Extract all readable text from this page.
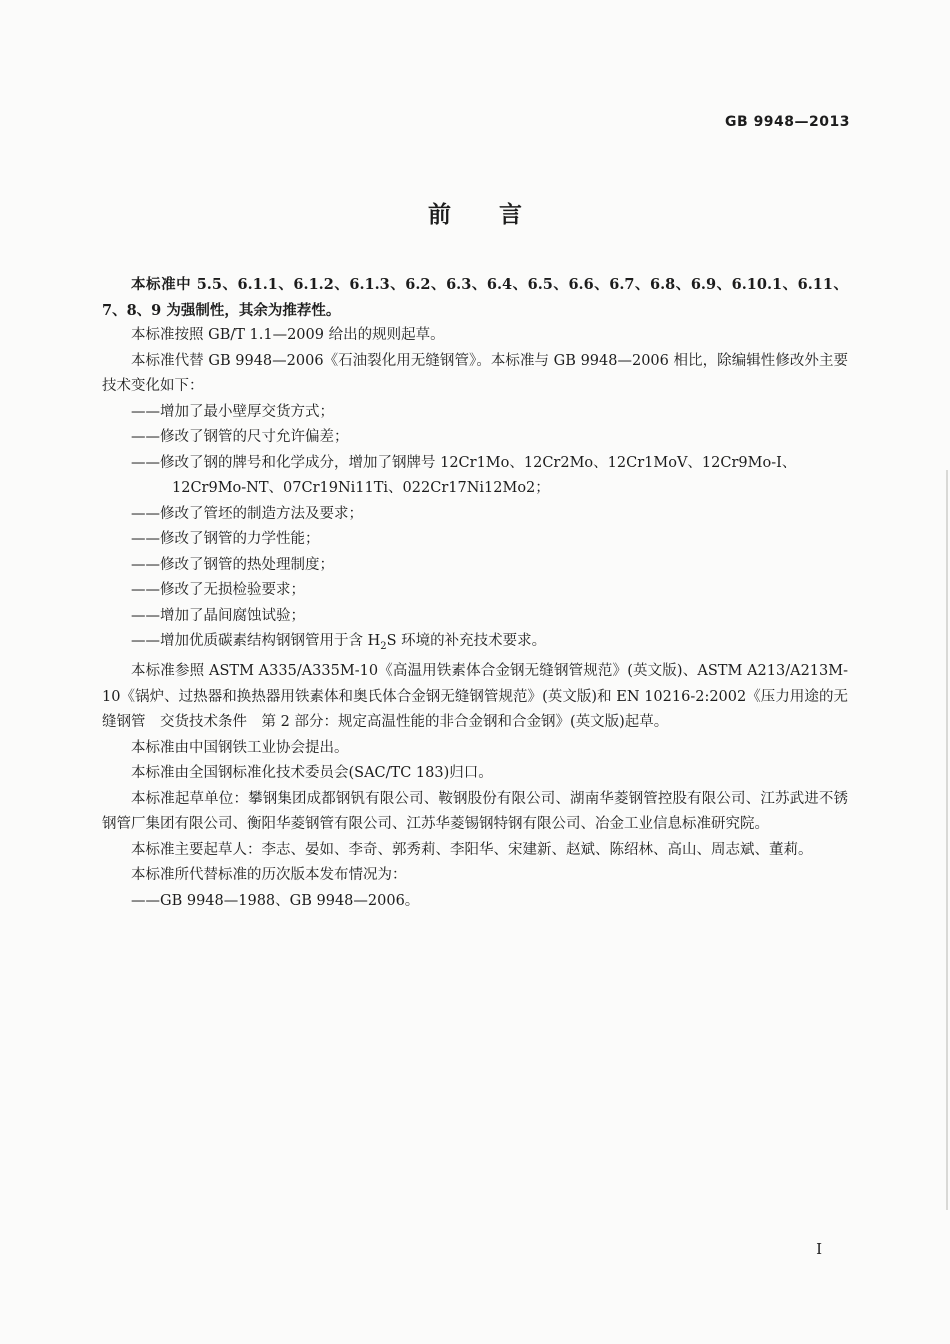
GB 9948—2013
前言

本标准中 5.5、6.1.1、6.1.2、6.1.3、6.2、6.3、6.4、6.5、6.6、6.7、6.8、6.9、6.10.1、6.11、7、8、9 为强制性，其余为推荐性。

本标准按照 GB/T 1.1—2009 给出的规则起草。

本标准代替 GB 9948—2006《石油裂化用无缝钢管》。本标准与 GB 9948—2006 相比，除编辑性修改外主要技术变化如下：

——增加了最小壁厚交货方式；

——修改了钢管的尺寸允许偏差；

——修改了钢的牌号和化学成分，增加了钢牌号 12Cr1Mo、12Cr2Mo、12Cr1MoV、12Cr9Mo-I、12Cr9Mo-NT、07Cr19Ni11Ti、022Cr17Ni12Mo2；

——修改了管坯的制造方法及要求；

——修改了钢管的力学性能；

——修改了钢管的热处理制度；

——修改了无损检验要求；

——增加了晶间腐蚀试验；

——增加优质碳素结构钢钢管用于含 $H_2S$ 环境的补充技术要求。

本标准参照 ASTM A335/A335M-10《高温用铁素体合金钢无缝钢管规范》(英文版)、ASTM A213/A213M-10《锅炉、过热器和换热器用铁素体和奥氏体合金钢无缝钢管规范》(英文版)和 EN 10216-2:2002《压力用途的无缝钢管　交货技术条件　第 2 部分：规定高温性能的非合金钢和合金钢》(英文版)起草。

本标准由中国钢铁工业协会提出。

本标准由全国钢标准化技术委员会(SAC/TC 183)归口。

本标准起草单位：攀钢集团成都钢钒有限公司、鞍钢股份有限公司、湖南华菱钢管控股有限公司、江苏武进不锈钢管厂集团有限公司、衡阳华菱钢管有限公司、江苏华菱锡钢特钢有限公司、冶金工业信息标准研究院。

本标准主要起草人：李志、晏如、李奇、郭秀莉、李阳华、宋建新、赵斌、陈绍林、高山、周志斌、董莉。

本标准所代替标准的历次版本发布情况为：

——GB 9948—1988、GB 9948—2006。

I
